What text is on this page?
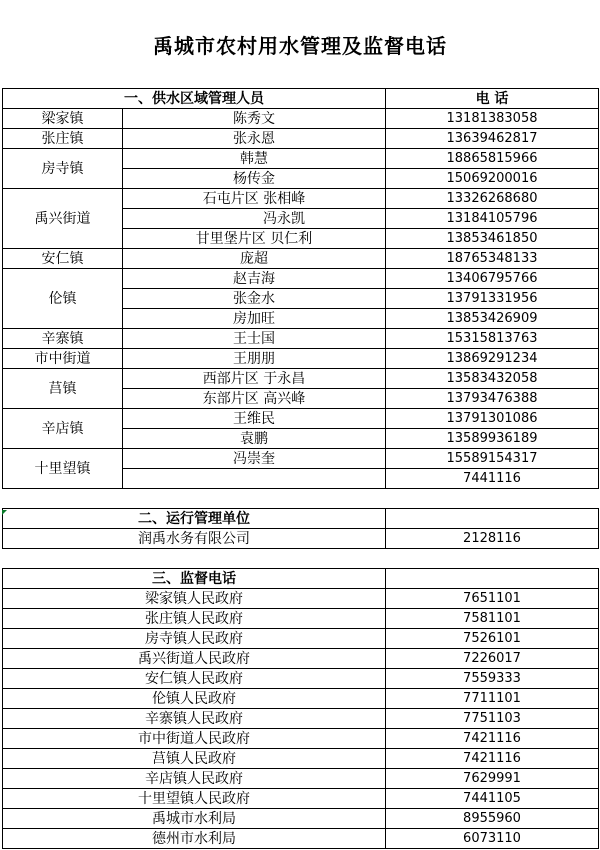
禹城市农村用水管理及监督电话
一、供水区域管理人员		电 话
梁家镇	陈秀文	13181383058
张庄镇	张永恩	13639462817
房寺镇	韩慧	18865815966
	杨传金	15069200016
禹兴街道	石屯片区 张相峰	13326268680
	冯永凯	13184105796
	甘里堡片区 贝仁利	13853461850
安仁镇	庞超	18765348133
伦镇	赵吉海	13406795766
	张金水	13791331956
	房加旺	13853426909
辛寨镇	王士国	15315813763
市中街道	王朋朋	13869291234
莒镇	西部片区 于永昌	13583432058
	东部片区 高兴峰	13793476388
辛店镇	王维民	13791301086
	袁鹏	13589936189
十里望镇	冯崇奎	15589154317
		7441116

二、运行管理单位		
润禹水务有限公司		2128116

三、监督电话		
梁家镇人民政府		7651101
张庄镇人民政府		7581101
房寺镇人民政府		7526101
禹兴街道人民政府		7226017
安仁镇人民政府		7559333
伦镇人民政府		7711101
辛寨镇人民政府		7751103
市中街道人民政府		7421116
莒镇人民政府		7421116
辛店镇人民政府		7629991
十里望镇人民政府		7441105
禹城市水利局		8955960
德州市水利局		6073110
